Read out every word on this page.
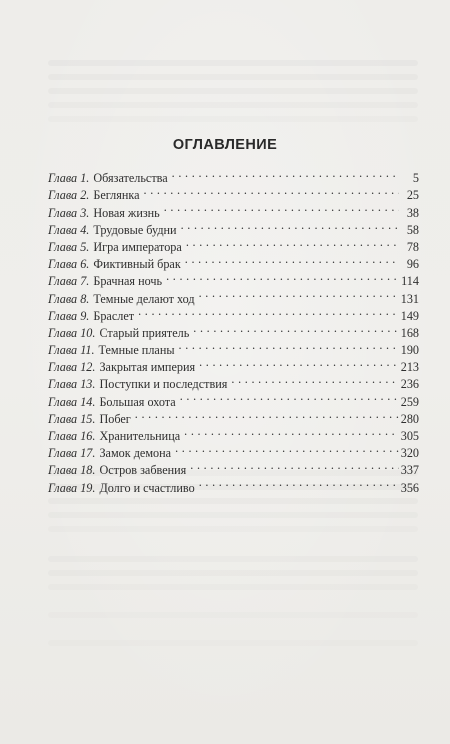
ОГЛАВЛЕНИЕ
Глава 1. Обязательства . . .	5
Глава 2. Беглянка . . .	25
Глава 3. Новая жизнь . . .	38
Глава 4. Трудовые будни . . .	58
Глава 5. Игра императора . . .	78
Глава 6. Фиктивный брак . . .	96
Глава 7. Брачная ночь . . .	114
Глава 8. Темные делают ход . . .	131
Глава 9. Браслет . . .	149
Глава 10. Старый приятель . . .	168
Глава 11. Темные планы . . .	190
Глава 12. Закрытая империя . . .	213
Глава 13. Поступки и последствия . . .	236
Глава 14. Большая охота . . .	259
Глава 15. Побег . . .	280
Глава 16. Хранительница . . .	305
Глава 17. Замок демона . . .	320
Глава 18. Остров забвения . . .	337
Глава 19. Долго и счастливо . . .	356
